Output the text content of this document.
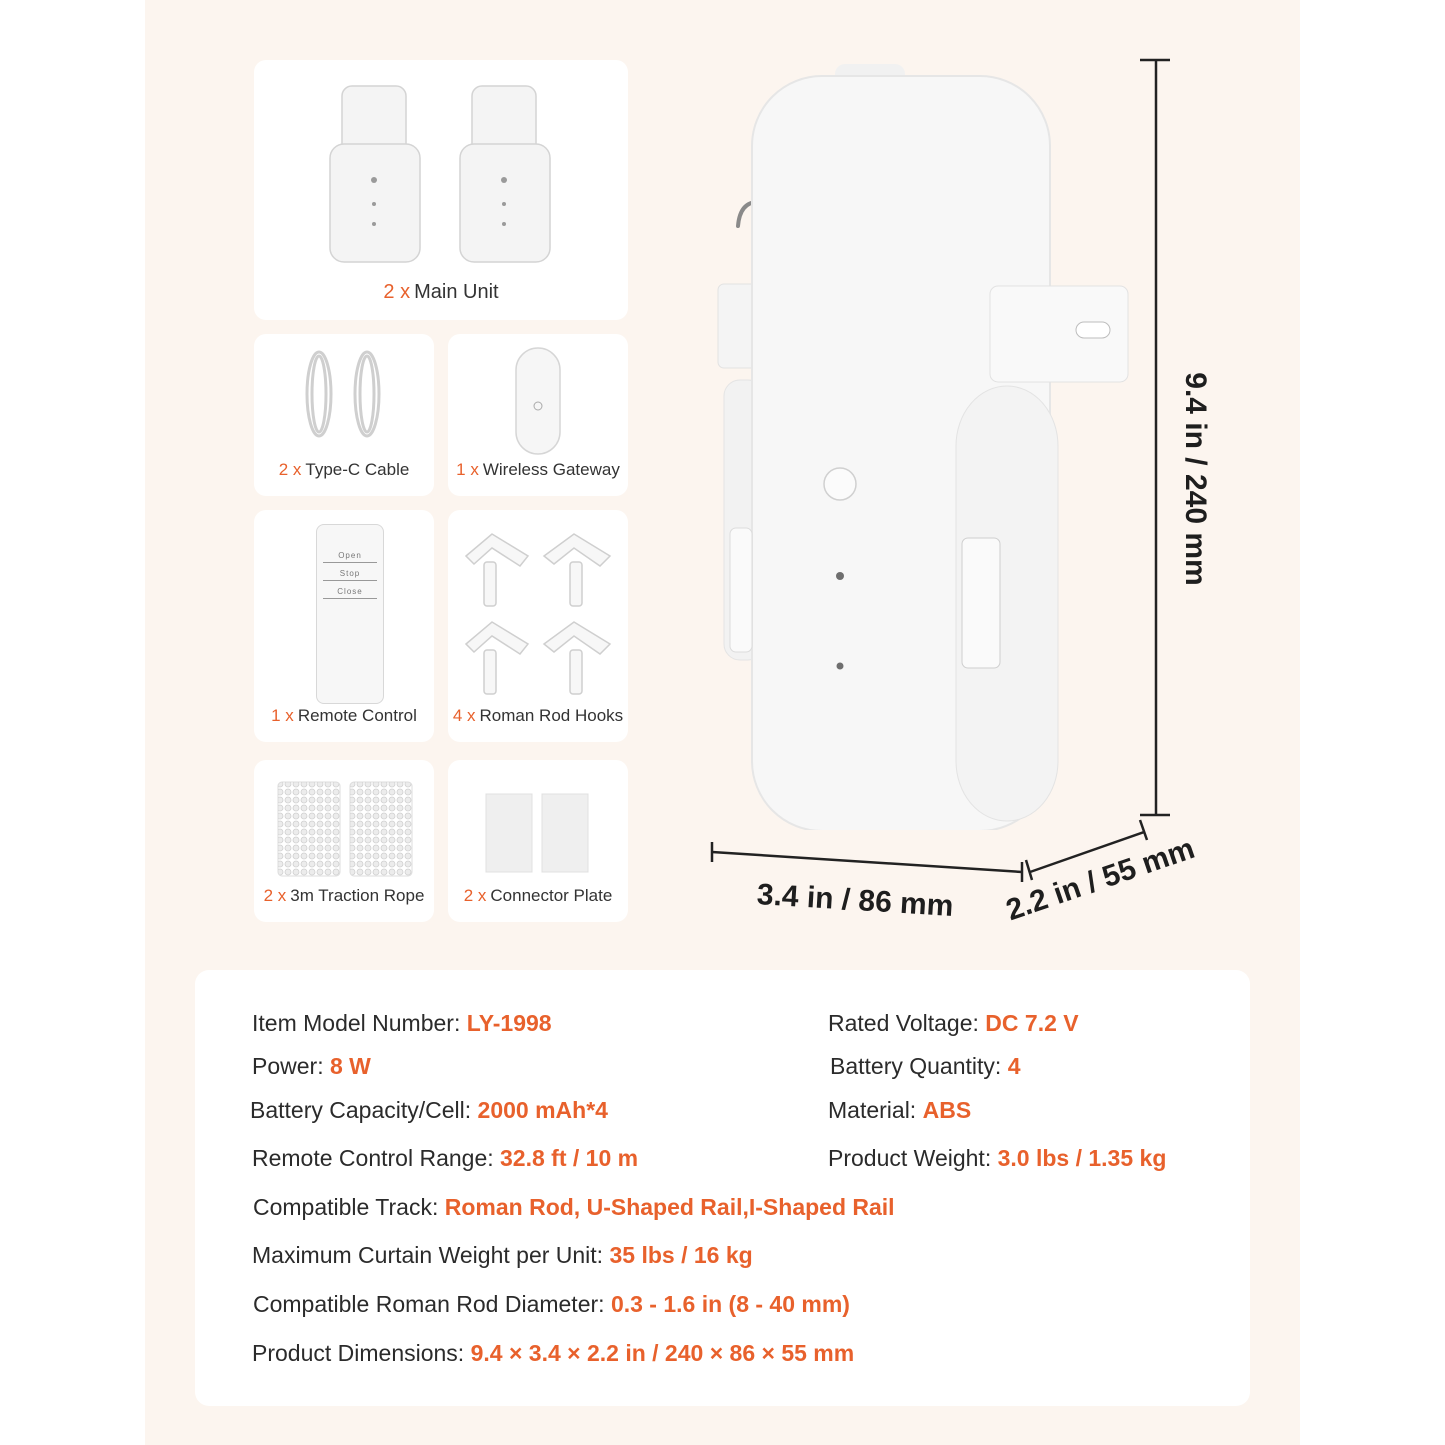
2 x Main Unit
2 x Type-C Cable	1 x Wireless Gateway
Open
Stop
Close
1 x Remote Control	4 x Roman Rod Hooks
2 x 3m Traction Rope	2 x Connector Plate
9.4 in / 240 mm
3.4 in / 86 mm 2.2 in / 55 mm
Item Model Number: LY-1998	Rated Voltage: DC 7.2 V
Power: 8 W	Battery Quantity: 4
Battery Capacity/Cell: 2000 mAh*4	Material: ABS
Remote Control Range: 32.8 ft / 10 m	Product Weight: 3.0 lbs / 1.35 kg
Compatible Track: Roman Rod, U-Shaped Rail,I-Shaped Rail
Maximum Curtain Weight per Unit: 35 lbs / 16 kg
Compatible Roman Rod Diameter: 0.3 - 1.6 in (8 - 40 mm)
Product Dimensions: 9.4 × 3.4 × 2.2 in / 240 × 86 × 55 mm
